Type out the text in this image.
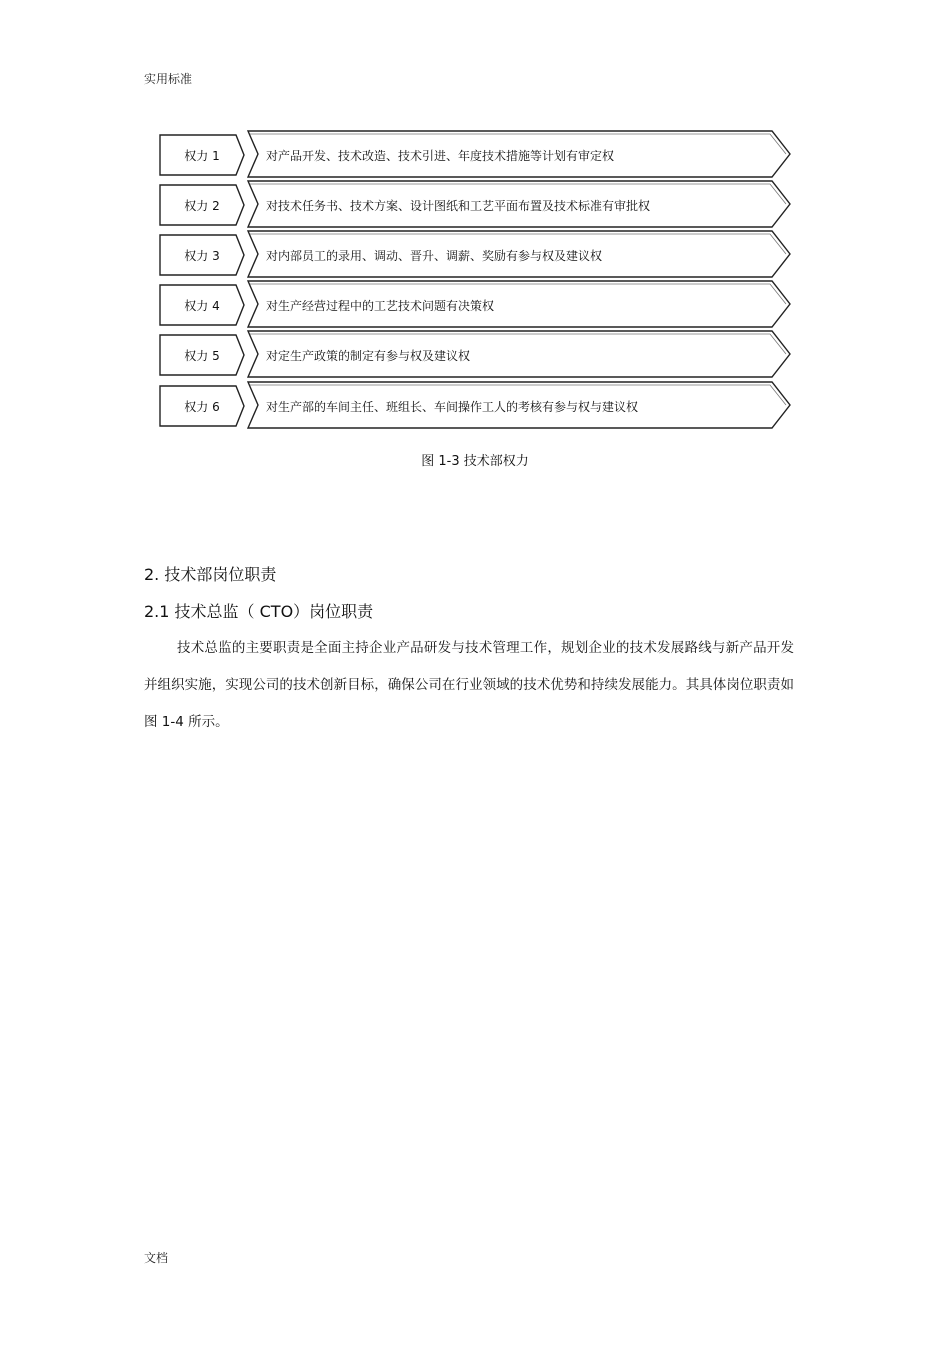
实用标准
权力 1	对产品开发、技术改造、技术引进、年度技术措施等计划有审定权
权力 2	对技术任务书、技术方案、设计图纸和工艺平面布置及技术标准有审批权
权力 3	对内部员工的录用、调动、晋升、调薪、奖励有参与权及建议权
权力 4	对生产经营过程中的工艺技术问题有决策权
权力 5	对定生产政策的制定有参与权及建议权
权力 6	对生产部的车间主任、班组长、车间操作工人的考核有参与权与建议权
图 1-3 技术部权力
2. 技术部岗位职责
2.1 技术总监（ CTO）岗位职责
技术总监的主要职责是全面主持企业产品研发与技术管理工作，规划企业的技术发展路线与新产品开发并组织实施，实现公司的技术创新目标，确保公司在行业领域的技术优势和持续发展能力。其具体岗位职责如图 1-4 所示。
文档
